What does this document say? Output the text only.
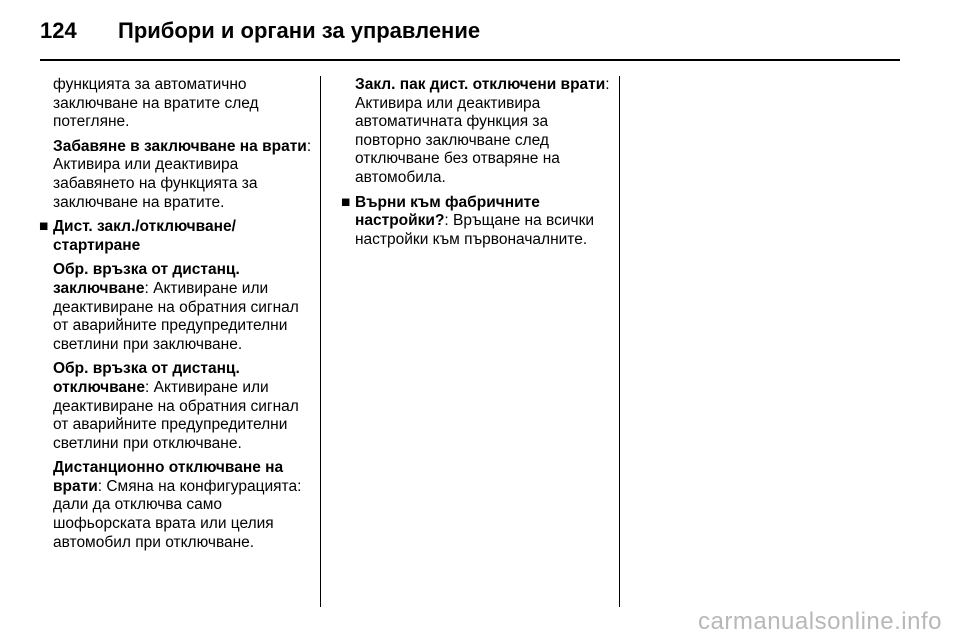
124 Прибори и органи за управление

функцията за автоматично заключване на вратите след потегляне.

Забавяне в заключване на врати: Активира или деактивира забавянето на функцията за заключване на вратите.

■ Дист. закл./отключване/ стартиране

Обр. връзка от дистанц. заключване: Активиране или деактивиране на обратния сигнал от аварийните предупредителни светлини при заключване.

Обр. връзка от дистанц. отключване: Активиране или деактивиране на обратния сигнал от аварийните предупредителни светлини при отключване.

Дистанционно отключване на врати: Смяна на конфигурацията: дали да отключва само шофьорската врата или целия автомобил при отключване.

Закл. пак дист. отключени врати: Активира или деактивира автоматичната функция за повторно заключване след отключване без отваряне на автомобила.

■ Върни към фабричните настройки?: Връщане на всички настройки към първоначалните.

carmanualsonline.info
